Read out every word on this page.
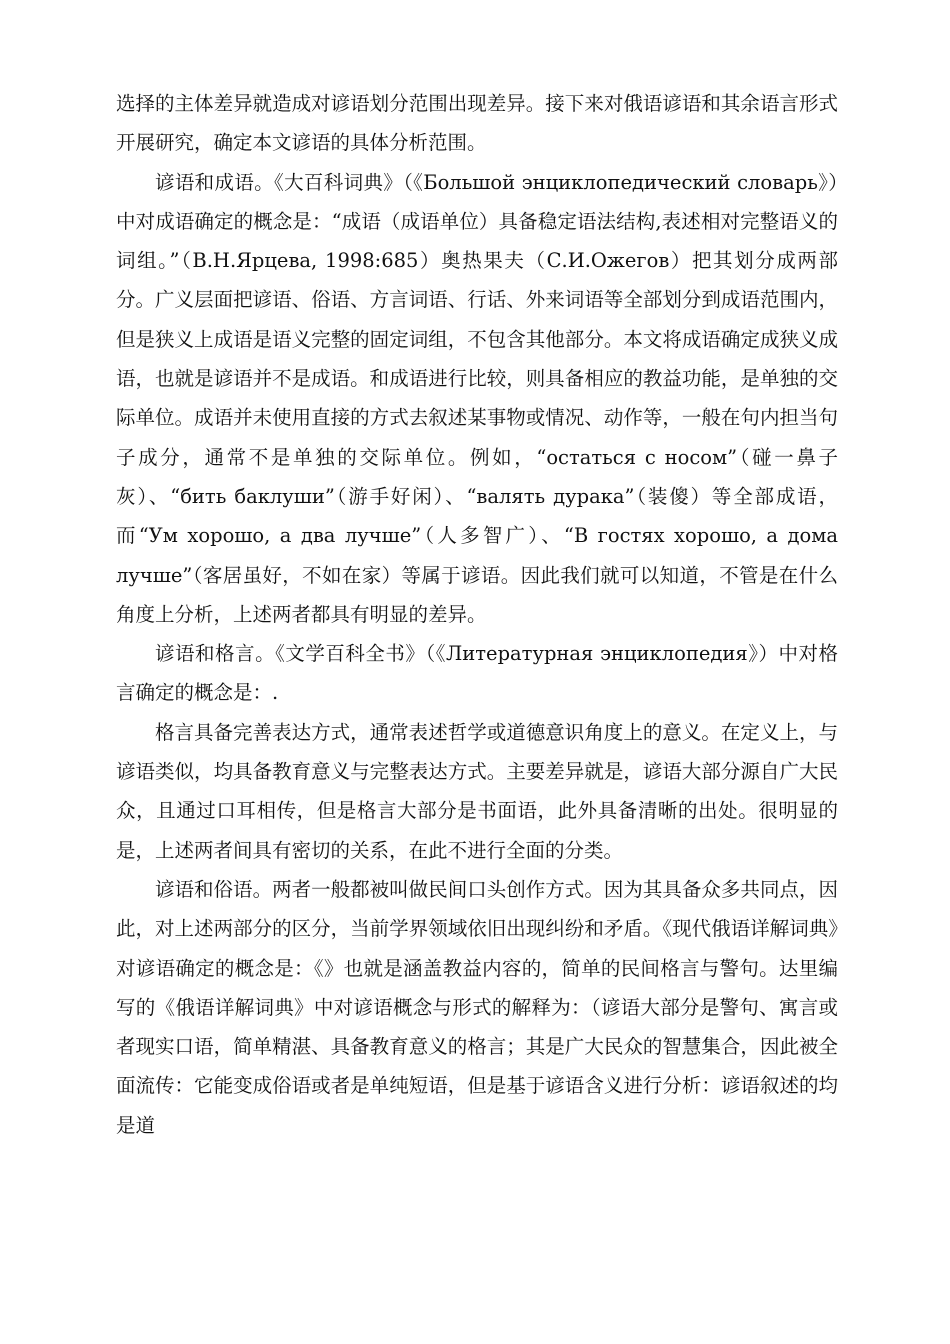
选择的主体差异就造成对谚语划分范围出现差异。接下来对俄语谚语和其余语言形式开展研究，确定本文谚语的具体分析范围。

谚语和成语。《大百科词典》（《Большой энциклопедический словарь》）中对成语确定的概念是：“成语（成语单位）具备稳定语法结构,表述相对完整语义的词组。”（В.Н.Ярцева, 1998:685）奥热果夫（С.И.Ожегов）把其划分成两部分。广义层面把谚语、俗语、方言词语、行话、外来词语等全部划分到成语范围内，但是狭义上成语是语义完整的固定词组，不包含其他部分。本文将成语确定成狭义成语，也就是谚语并不是成语。和成语进行比较，则具备相应的教益功能，是单独的交际单位。成语并未使用直接的方式去叙述某事物或情况、动作等，一般在句内担当句子成分，通常不是单独的交际单位。例如，“остаться с носом”（碰一鼻子灰）、“бить баклуши”（游手好闲）、“валять дурака”（装傻）等全部成语，而“Ум хорошо, а два лучше”（人多智广）、“В гостях хорошо, а дома лучше”（客居虽好，不如在家）等属于谚语。因此我们就可以知道，不管是在什么角度上分析，上述两者都具有明显的差异。

谚语和格言。《文学百科全书》（《Литературная энциклопедия》）中对格言确定的概念是：.

格言具备完善表达方式，通常表述哲学或道德意识角度上的意义。在定义上，与谚语类似，均具备教育意义与完整表达方式。主要差异就是，谚语大部分源自广大民众，且通过口耳相传，但是格言大部分是书面语，此外具备清晰的出处。很明显的是，上述两者间具有密切的关系，在此不进行全面的分类。

谚语和俗语。两者一般都被叫做民间口头创作方式。因为其具备众多共同点，因此，对上述两部分的区分，当前学界领域依旧出现纠纷和矛盾。《现代俄语详解词典》对谚语确定的概念是：《》也就是涵盖教益内容的，简单的民间格言与警句。达里编写的《俄语详解词典》中对谚语概念与形式的解释为：（谚语大部分是警句、寓言或者现实口语，简单精湛、具备教育意义的格言；其是广大民众的智慧集合，因此被全面流传：它能变成俗语或者是单纯短语，但是基于谚语含义进行分析：谚语叙述的均是道
